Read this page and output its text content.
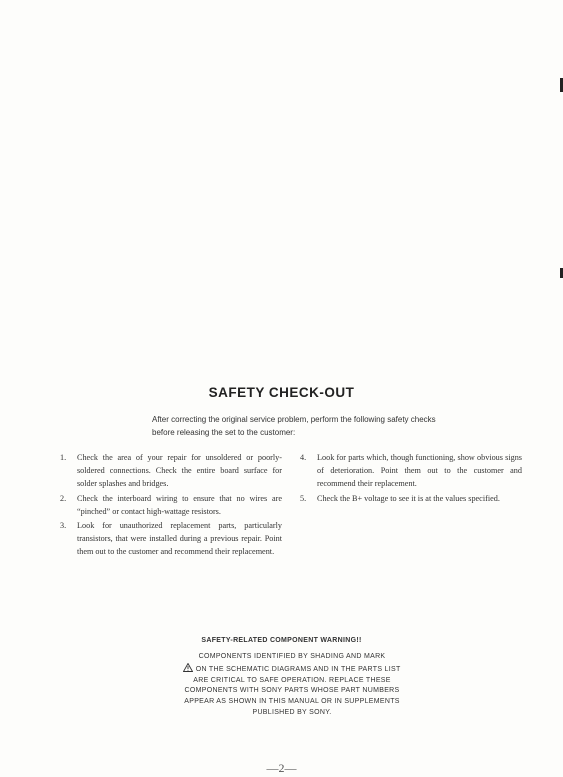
SAFETY CHECK-OUT
After correcting the original service problem, perform the following safety checks before releasing the set to the customer:
1.	Check the area of your repair for unsoldered or poorly-soldered connections. Check the entire board surface for solder splashes and bridges.
2.	Check the interboard wiring to ensure that no wires are “pinched” or contact high-wattage resistors.
3.	Look for unauthorized replacement parts, particularly transistors, that were installed during a previous repair. Point them out to the customer and recommend their replacement.
4.	Look for parts which, though functioning, show obvious signs of deterioration. Point them out to the customer and recommend their replacement.
5.	Check the B+ voltage to see it is at the values specified.
SAFETY-RELATED COMPONENT WARNING!!
COMPONENTS IDENTIFIED BY SHADING AND MARK
ON THE SCHEMATIC DIAGRAMS AND IN THE PARTS LIST ARE CRITICAL TO SAFE OPERATION. REPLACE THESE COMPONENTS WITH SONY PARTS WHOSE PART NUMBERS APPEAR AS SHOWN IN THIS MANUAL OR IN SUPPLEMENTS PUBLISHED BY SONY.
—2—
